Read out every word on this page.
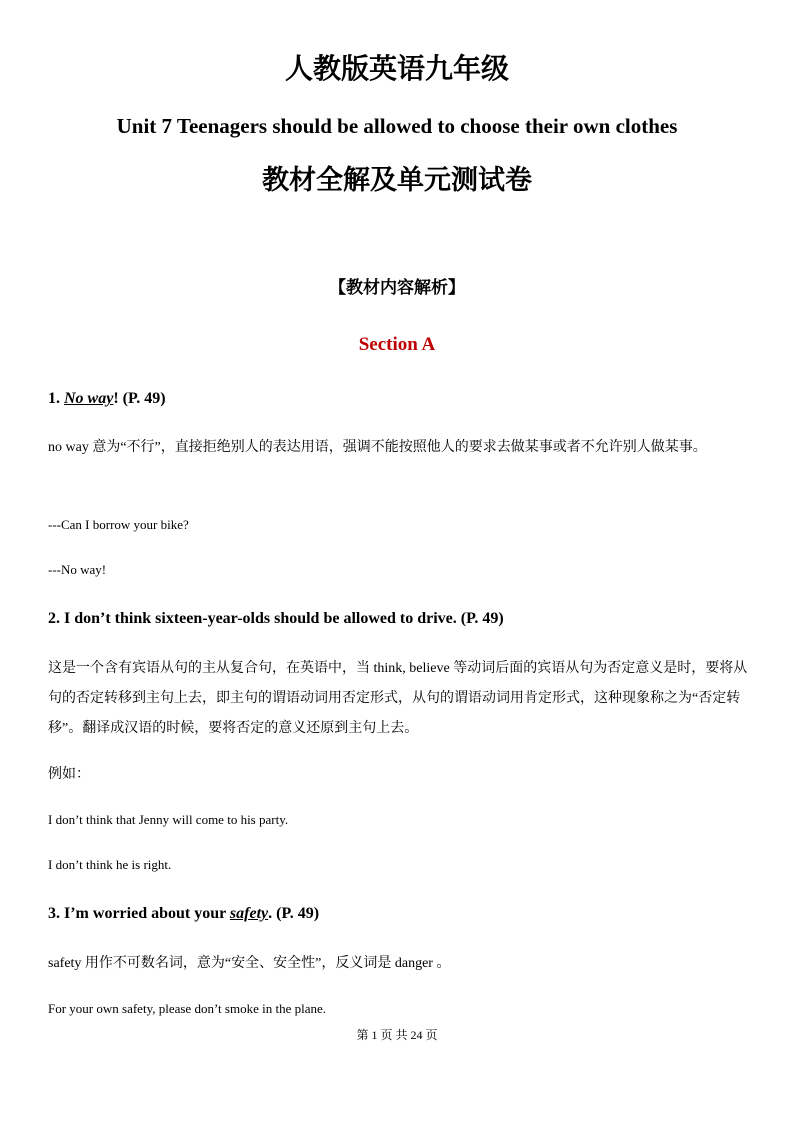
人教版英语九年级
Unit 7 Teenagers should be allowed to choose their own clothes
教材全解及单元测试卷
【教材内容解析】
Section A
1. No way! (P. 49)
no way 意为“不行”，直接拒绝别人的表达用语，强调不能按照他人的要求去做某事或者不允许别人做某事。
---Can I borrow your bike?
---No way!
2. I don’t think sixteen-year-olds should be allowed to drive. (P. 49)
这是一个含有宾语从句的主从复合句，在英语中，当 think, believe 等动词后面的宾语从句为否定意义是时，要将从句的否定转移到主句上去，即主句的谓语动词用否定形式，从句的谓语动词用肯定形式，这种现象称之为“否定转移”。翻译成汉语的时候，要将否定的意义还原到主句上去。
例如：
I don’t think that Jenny will come to his party.
I don’t think he is right.
3. I’m worried about your safety. (P. 49)
safety 用作不可数名词，意为“安全、安全性”，反义词是 danger 。
For your own safety, please don’t smoke in the plane.
第 1 页 共 24 页
